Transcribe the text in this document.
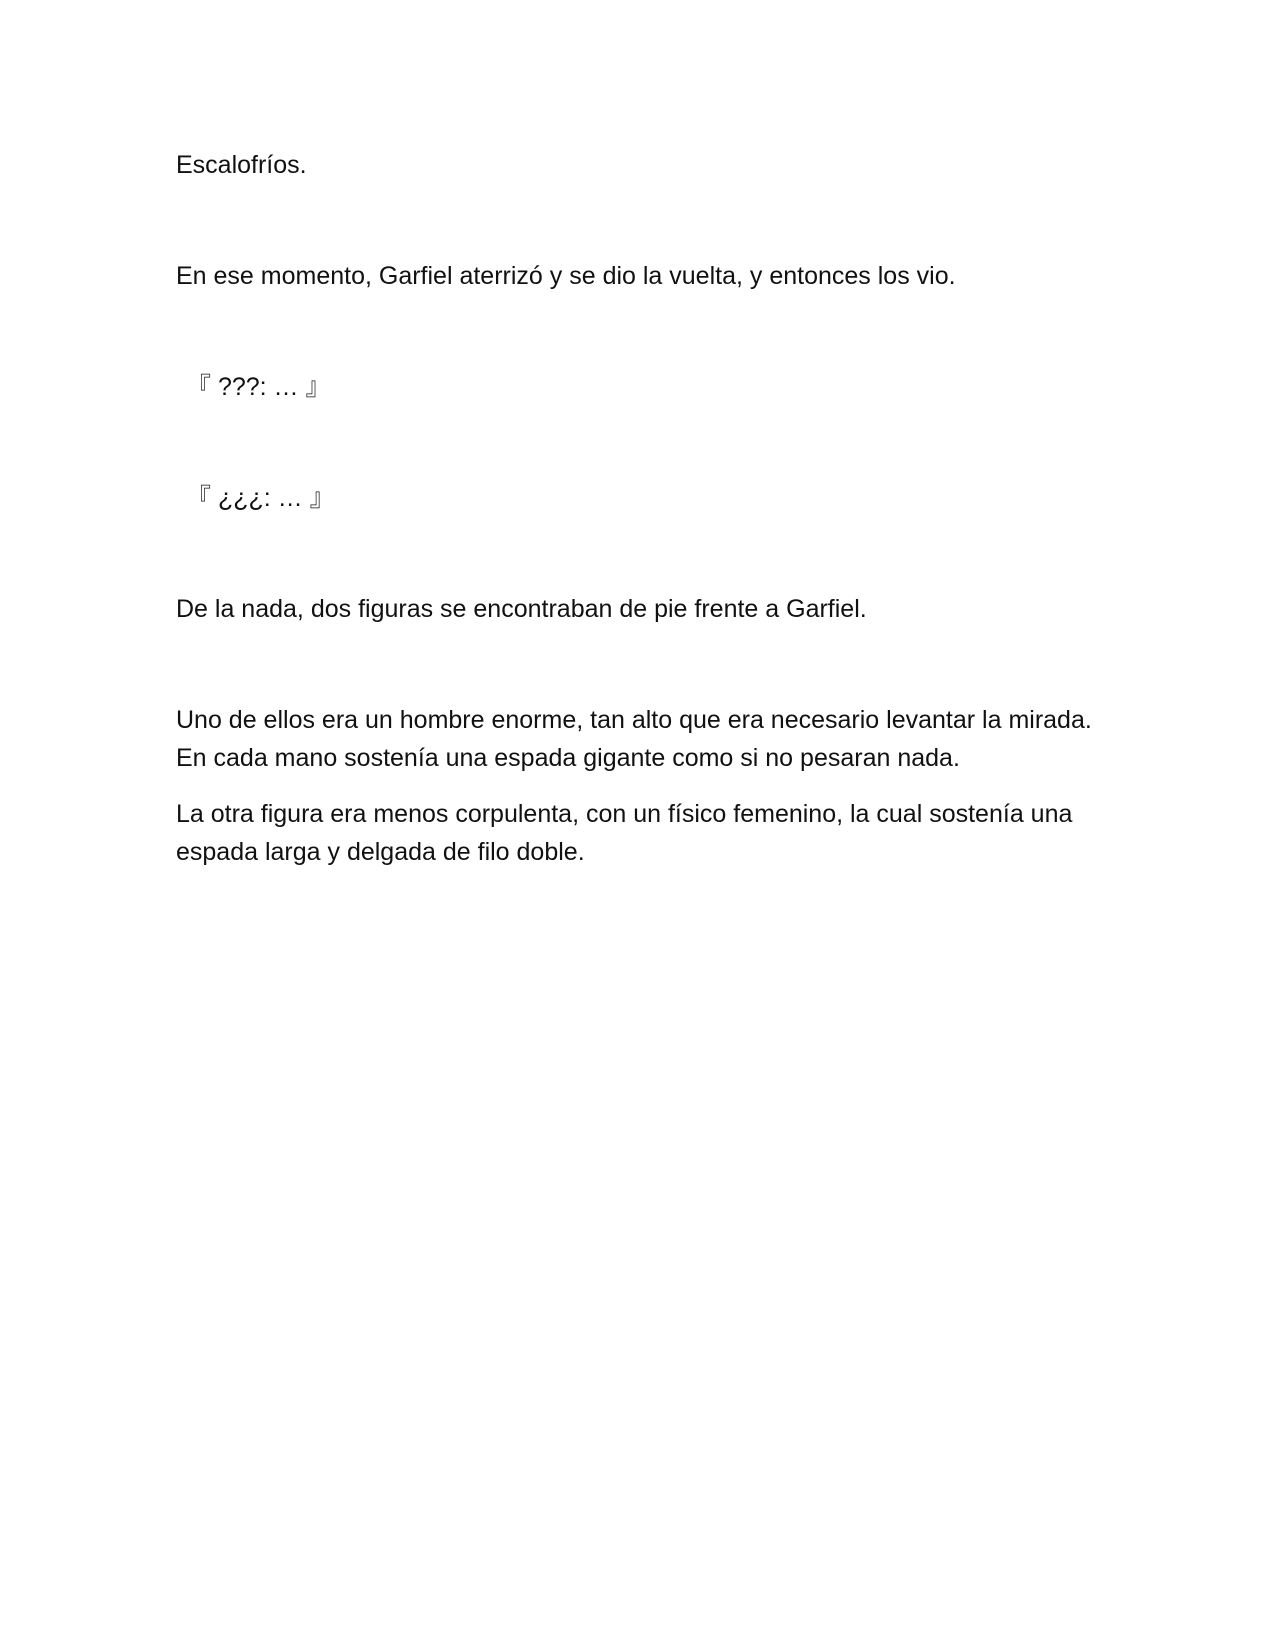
Escalofríos.

En ese momento, Garfiel aterrizó y se dio la vuelta, y entonces los vio.

『 ???: … 』

『 ¿¿¿: … 』

De la nada, dos figuras se encontraban de pie frente a Garfiel.

Uno de ellos era un hombre enorme, tan alto que era necesario levantar la mirada. En cada mano sostenía una espada gigante como si no pesaran nada.

La otra figura era menos corpulenta, con un físico femenino, la cual sostenía una espada larga y delgada de filo doble.
